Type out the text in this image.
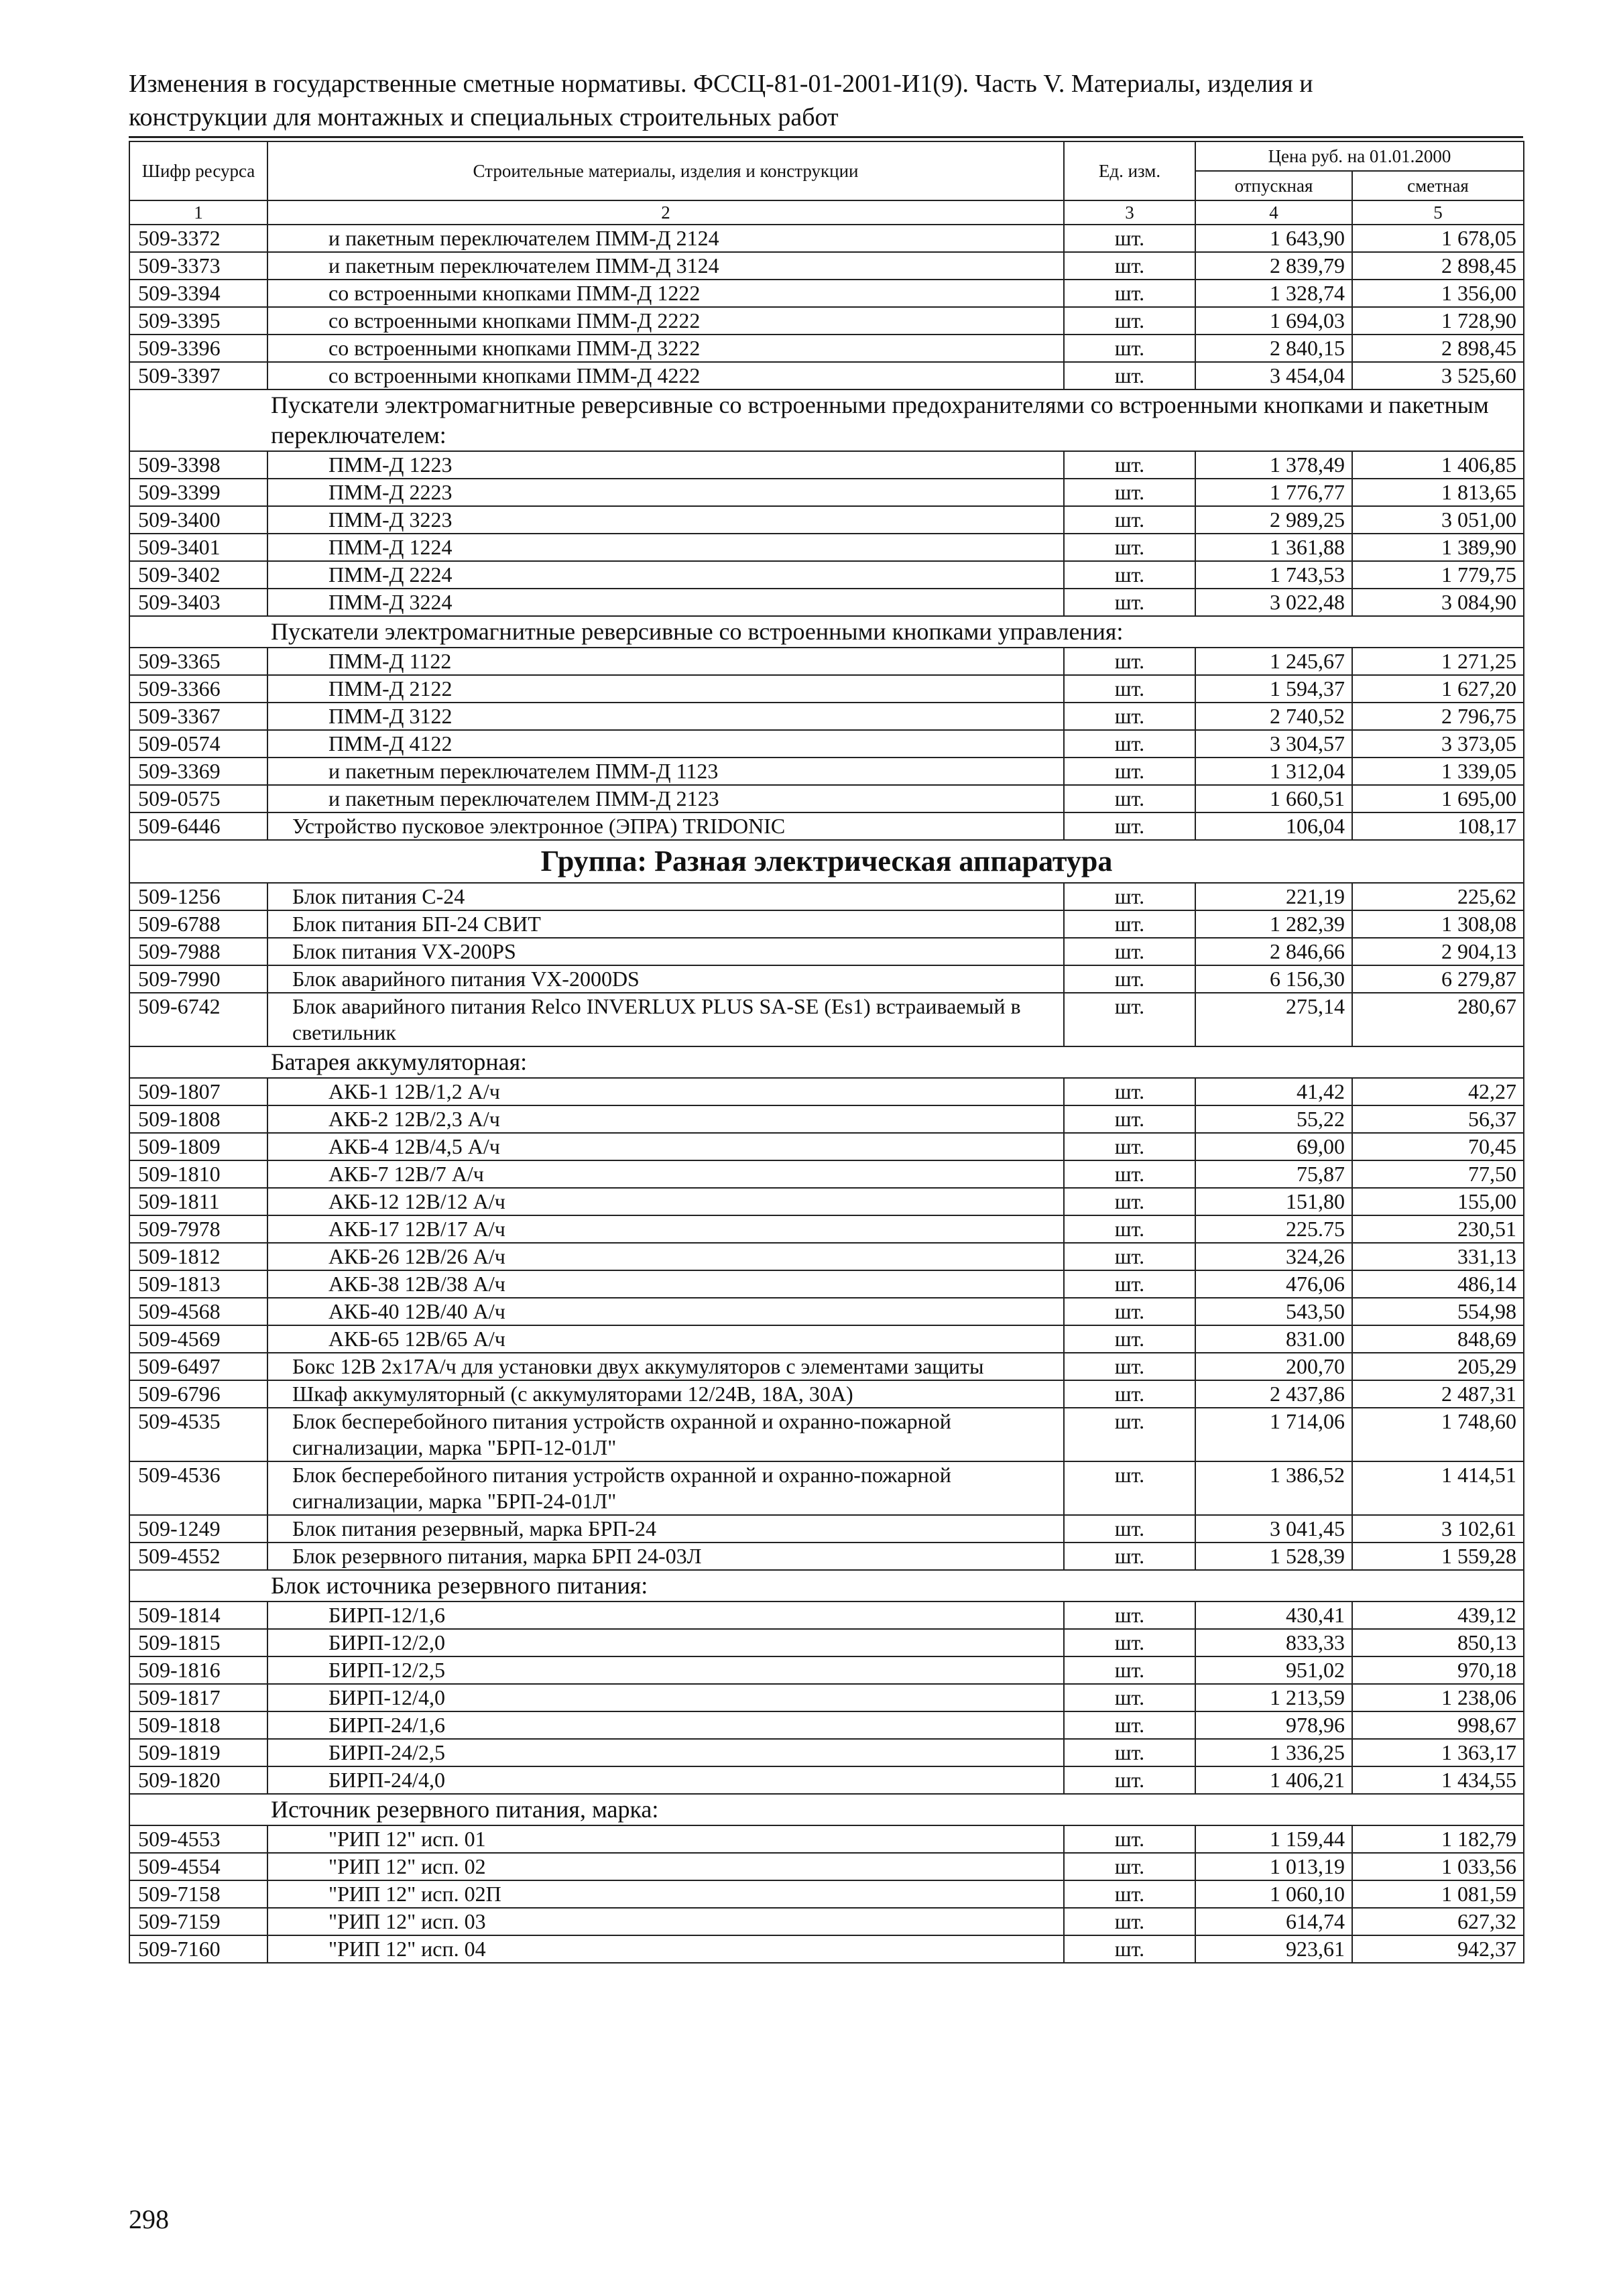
Изменения в государственные сметные нормативы. ФССЦ-81-01-2001-И1(9). Часть V. Материалы, изделия и
конструкции для монтажных и специальных строительных работ
Шифр ресурса	Строительные материалы, изделия и конструкции	Ед. изм.	Цена руб. на 01.01.2000	
			отпускная	сметная
1	2	3	4	5
509-3372	и пакетным переключателем ПММ-Д 2124	шт.	1 643,90	1 678,05
509-3373	и пакетным переключателем ПММ-Д 3124	шт.	2 839,79	2 898,45
509-3394	со встроенными кнопками ПММ-Д 1222	шт.	1 328,74	1 356,00
509-3395	со встроенными кнопками ПММ-Д 2222	шт.	1 694,03	1 728,90
509-3396	со встроенными кнопками ПММ-Д 3222	шт.	2 840,15	2 898,45
509-3397	со встроенными кнопками ПММ-Д 4222	шт.	3 454,04	3 525,60
Пускатели электромагнитные реверсивные со встроенными предохранителями со встроенными кнопками и пакетным переключателем:				
509-3398	ПММ-Д 1223	шт.	1 378,49	1 406,85
509-3399	ПММ-Д 2223	шт.	1 776,77	1 813,65
509-3400	ПММ-Д 3223	шт.	2 989,25	3 051,00
509-3401	ПММ-Д 1224	шт.	1 361,88	1 389,90
509-3402	ПММ-Д 2224	шт.	1 743,53	1 779,75
509-3403	ПММ-Д 3224	шт.	3 022,48	3 084,90
Пускатели электромагнитные реверсивные со встроенными кнопками управления:				
509-3365	ПММ-Д 1122	шт.	1 245,67	1 271,25
509-3366	ПММ-Д 2122	шт.	1 594,37	1 627,20
509-3367	ПММ-Д 3122	шт.	2 740,52	2 796,75
509-0574	ПММ-Д 4122	шт.	3 304,57	3 373,05
509-3369	и пакетным переключателем ПММ-Д 1123	шт.	1 312,04	1 339,05
509-0575	и пакетным переключателем ПММ-Д 2123	шт.	1 660,51	1 695,00
509-6446	Устройство пусковое электронное (ЭПРА) TRIDONIC	шт.	106,04	108,17
Группа: Разная электрическая аппаратура				
509-1256	Блок питания С-24	шт.	221,19	225,62
509-6788	Блок питания БП-24 СВИТ	шт.	1 282,39	1 308,08
509-7988	Блок питания VX-200PS	шт.	2 846,66	2 904,13
509-7990	Блок аварийного питания VX-2000DS	шт.	6 156,30	6 279,87
509-6742	Блок аварийного питания Relco INVERLUX PLUS SA-SE (Es1) встраиваемый в светильник	шт.	275,14	280,67
Батарея аккумуляторная:				
509-1807	АКБ-1 12В/1,2 А/ч	шт.	41,42	42,27
509-1808	АКБ-2 12В/2,3 А/ч	шт.	55,22	56,37
509-1809	АКБ-4 12В/4,5 А/ч	шт.	69,00	70,45
509-1810	АКБ-7 12В/7 А/ч	шт.	75,87	77,50
509-1811	АКБ-12 12В/12 А/ч	шт.	151,80	155,00
509-7978	АКБ-17 12В/17 А/ч	шт.	225.75	230,51
509-1812	АКБ-26 12В/26 А/ч	шт.	324,26	331,13
509-1813	АКБ-38 12В/38 А/ч	шт.	476,06	486,14
509-4568	АКБ-40 12В/40 А/ч	шт.	543,50	554,98
509-4569	АКБ-65 12В/65 А/ч	шт.	831.00	848,69
509-6497	Бокс 12В 2х17А/ч для установки двух аккумуляторов с элементами защиты	шт.	200,70	205,29
509-6796	Шкаф аккумуляторный (с аккумуляторами 12/24В, 18А, 30А)	шт.	2 437,86	2 487,31
509-4535	Блок бесперебойного питания устройств охранной и охранно-пожарной сигнализации, марка "БРП-12-01Л"	шт.	1 714,06	1 748,60
509-4536	Блок бесперебойного питания устройств охранной и охранно-пожарной сигнализации, марка "БРП-24-01Л"	шт.	1 386,52	1 414,51
509-1249	Блок питания резервный, марка БРП-24	шт.	3 041,45	3 102,61
509-4552	Блок резервного питания, марка БРП 24-03Л	шт.	1 528,39	1 559,28
Блок источника резервного питания:				
509-1814	БИРП-12/1,6	шт.	430,41	439,12
509-1815	БИРП-12/2,0	шт.	833,33	850,13
509-1816	БИРП-12/2,5	шт.	951,02	970,18
509-1817	БИРП-12/4,0	шт.	1 213,59	1 238,06
509-1818	БИРП-24/1,6	шт.	978,96	998,67
509-1819	БИРП-24/2,5	шт.	1 336,25	1 363,17
509-1820	БИРП-24/4,0	шт.	1 406,21	1 434,55
Источник резервного питания, марка:				
509-4553	"РИП 12" исп. 01	шт.	1 159,44	1 182,79
509-4554	"РИП 12" исп. 02	шт.	1 013,19	1 033,56
509-7158	"РИП 12" исп. 02П	шт.	1 060,10	1 081,59
509-7159	"РИП 12" исп. 03	шт.	614,74	627,32
509-7160	"РИП 12" исп. 04	шт.	923,61	942,37
298
